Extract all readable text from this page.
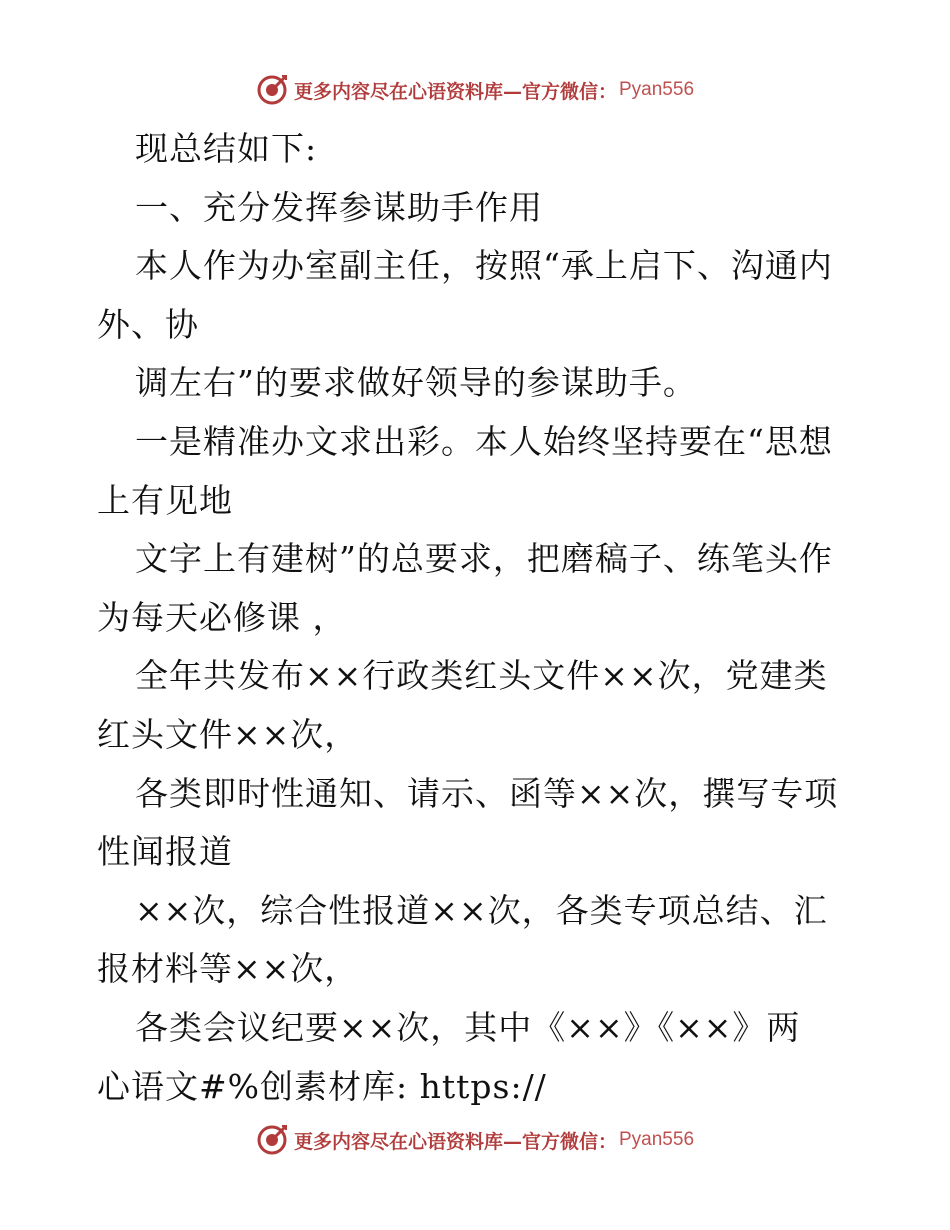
更多内容尽在心语资料库—官方微信： Pyan556
现总结如下:
一、充分发挥参谋助手作用
本人作为办室副主任，按照“承上启下、沟通内
外、协
调左右”的要求做好领导的参谋助手。
一是精准办文求出彩。本人始终坚持要在“思想
上有见地
文字上有建树”的总要求，把磨稿子、练笔头作
为每天必修课 ，
全年共发布××行政类红头文件××次，党建类
红头文件××次，
各类即时性通知、请示、函等××次，撰写专项
性闻报道
××次，综合性报道××次，各类专项总结、汇
报材料等××次，
各类会议纪要××次，其中《××》《××》两
心语文#%创素材库: https://
更多内容尽在心语资料库—官方微信： Pyan556
